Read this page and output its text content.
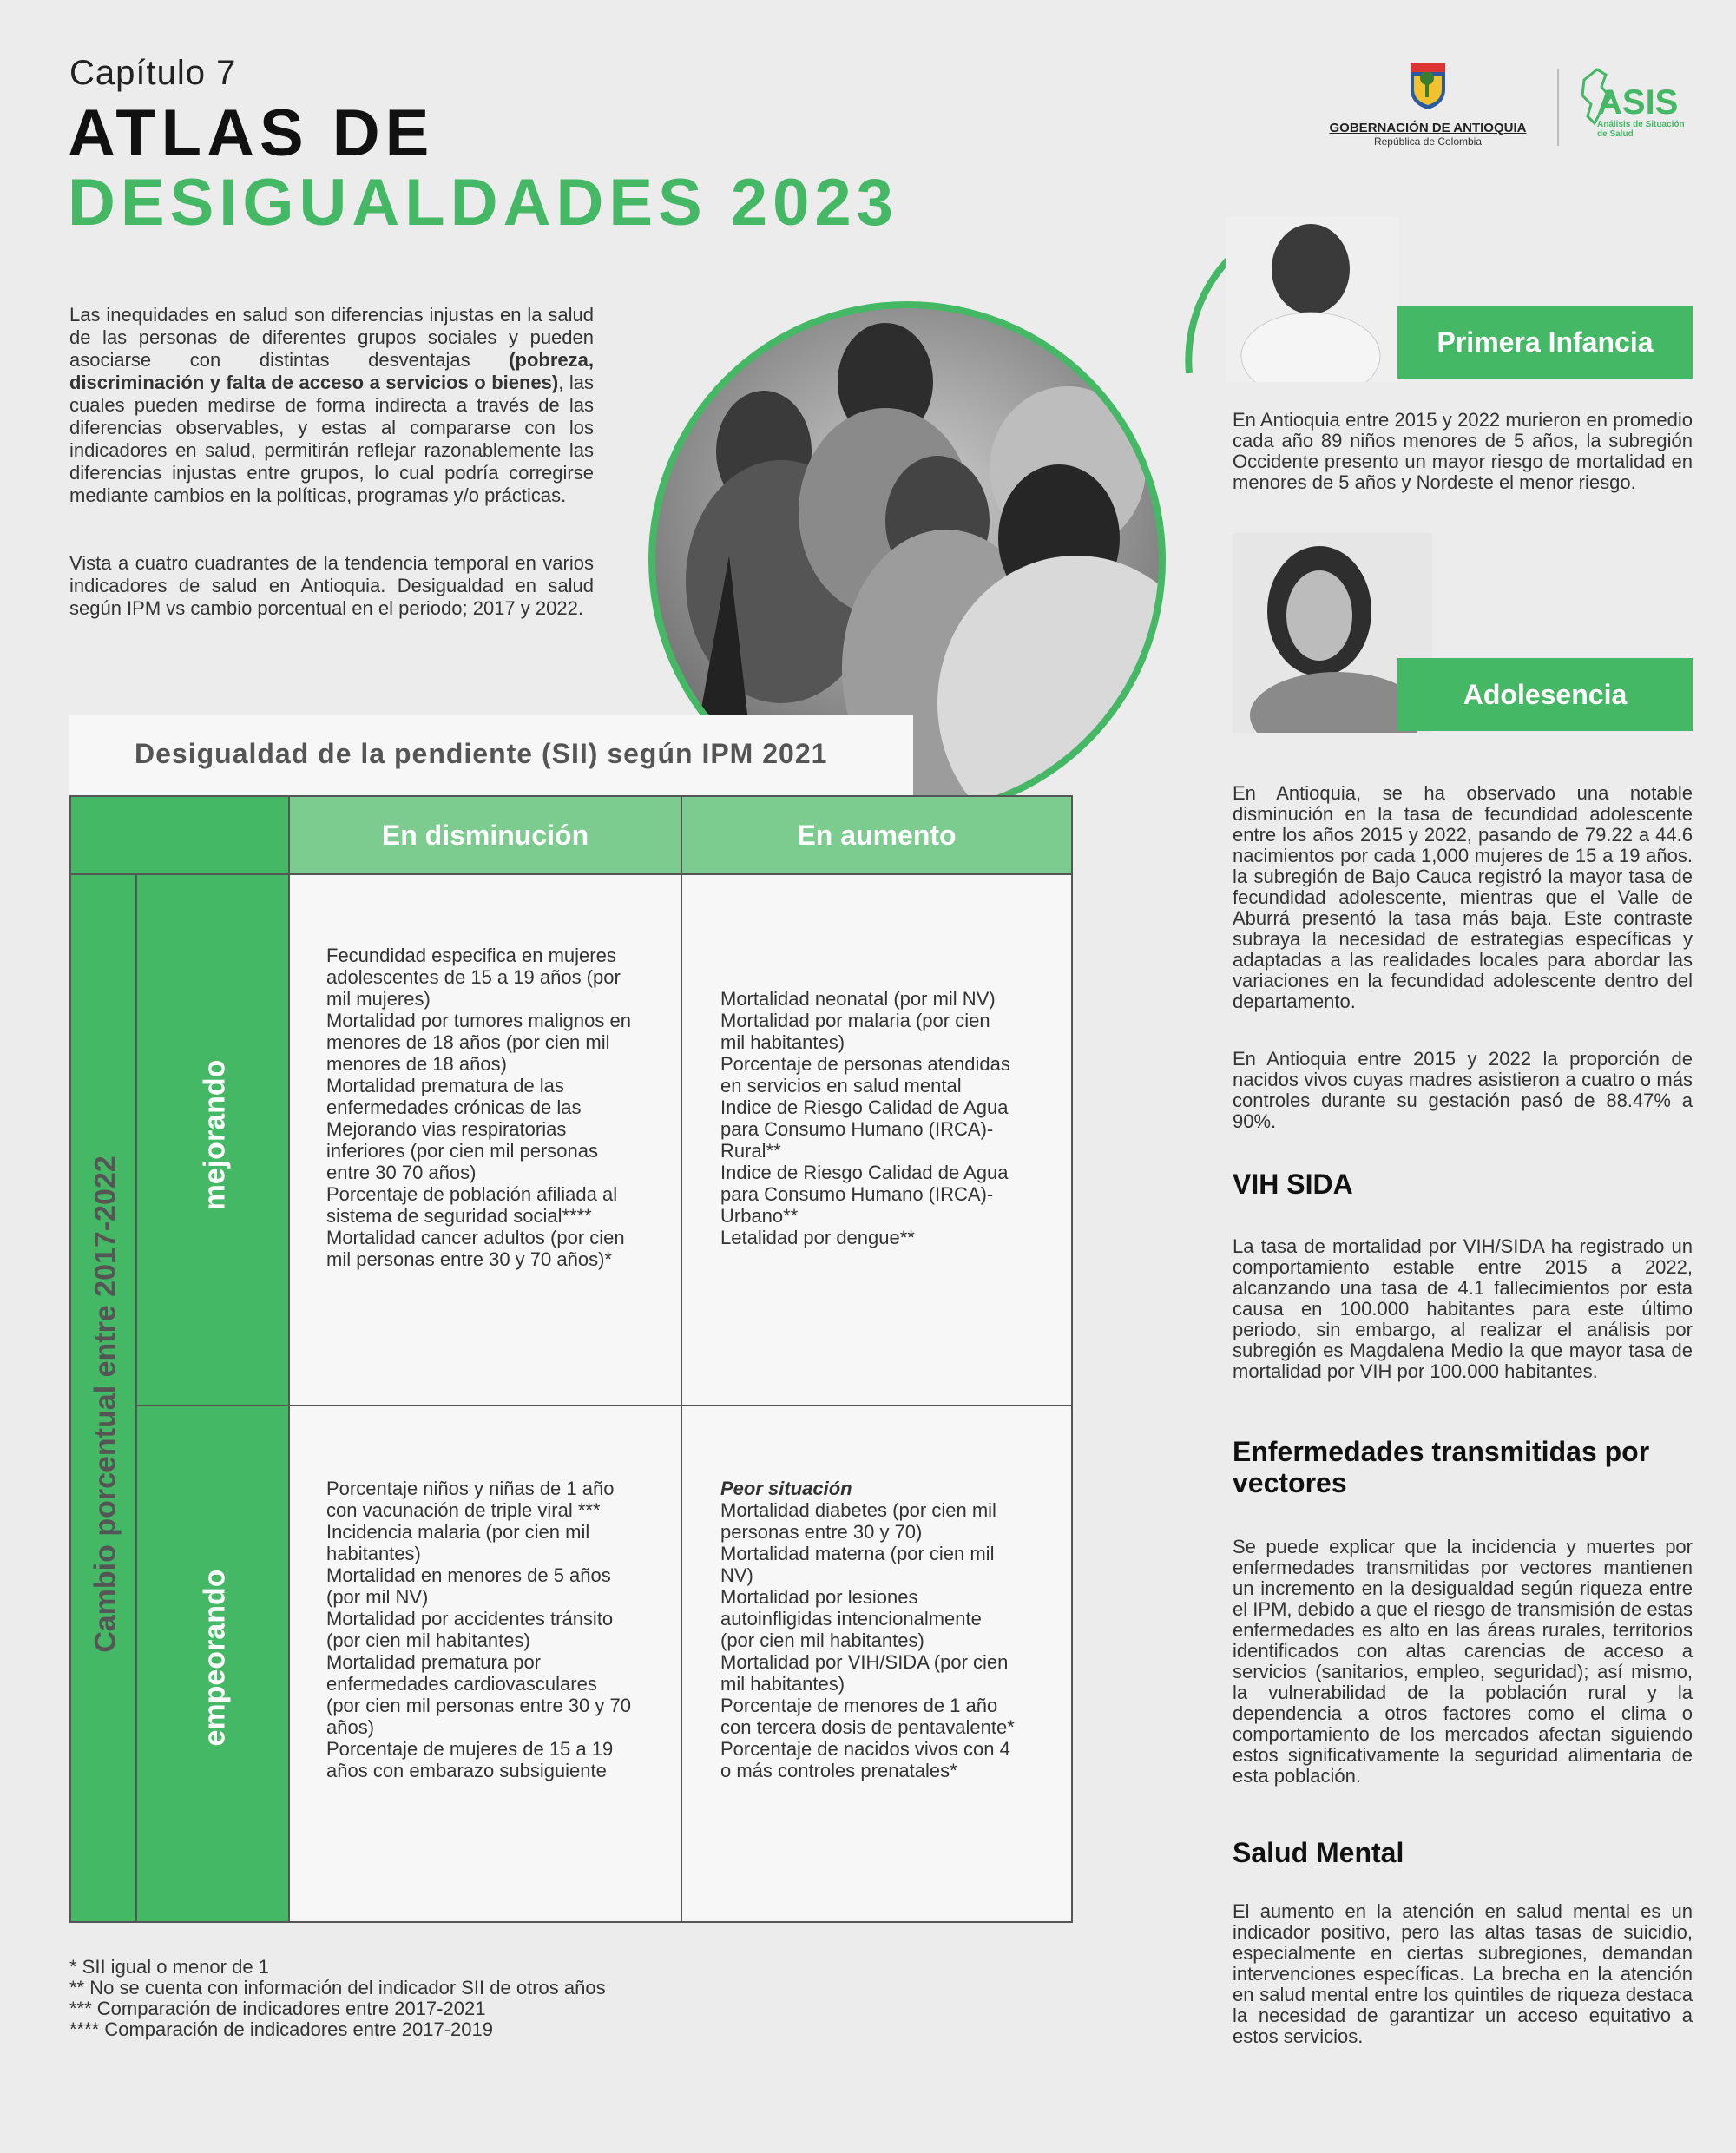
Capítulo 7
ATLAS DE
DESIGUALDADES 2023
GOBERNACIÓN DE ANTIOQUIA
República de Colombia
ASIS
Análisis de Situación de Salud
Las inequidades en salud son diferencias injustas en la salud de las personas de diferentes grupos sociales y pueden asociarse con distintas desventajas (pobreza, discriminación y falta de acceso a servicios o bienes), las cuales pueden medirse de forma indirecta a través de las diferencias observables, y estas al compararse con los indicadores en salud, permitirán reflejar razonablemente las diferencias injustas entre grupos, lo cual podría corregirse mediante cambios en la políticas, programas y/o prácticas.
Vista a cuatro cuadrantes de la tendencia temporal en varios indicadores de salud en Antioquia. Desigualdad en salud según IPM vs cambio porcentual en el periodo; 2017 y 2022.
Primera Infancia
En Antioquia entre 2015 y 2022 murieron en promedio cada año 89 niños menores de 5 años, la subregión Occidente presento un mayor riesgo de mortalidad en menores de 5 años y Nordeste el menor riesgo.
Adolesencia
En Antioquia, se ha observado una notable disminución en la tasa de fecundidad adolescente entre los años 2015 y 2022, pasando de 79.22 a 44.6 nacimientos por cada 1,000 mujeres de 15 a 19 años. la subregión de Bajo Cauca registró la mayor tasa de fecundidad adolescente, mientras que el Valle de Aburrá presentó la tasa más baja. Este contraste subraya la necesidad de estrategias específicas y adaptadas a las realidades locales para abordar las variaciones en la fecundidad adolescente dentro del departamento.
En Antioquia entre 2015 y 2022 la proporción de nacidos vivos cuyas madres asistieron a cuatro o más controles durante su gestación pasó de 88.47% a 90%.
VIH SIDA
La tasa de mortalidad por VIH/SIDA ha registrado un comportamiento estable entre 2015 a 2022, alcanzando una tasa de 4.1 fallecimientos por esta causa en 100.000 habitantes para este último periodo, sin embargo, al realizar el análisis por subregión es Magdalena Medio la que mayor tasa de mortalidad por VIH por 100.000 habitantes.
Enfermedades transmitidas por vectores
Se puede explicar que la incidencia y muertes por enfermedades transmitidas por vectores mantienen un incremento en la desigualdad según riqueza entre el IPM, debido a que el riesgo de transmisión de estas enfermedades es alto en las áreas rurales, territorios identificados con altas carencias de acceso a servicios (sanitarios, empleo, seguridad); así mismo, la vulnerabilidad de la población rural y la dependencia a otros factores como el clima o comportamiento de los mercados afectan siguiendo estos significativamente la seguridad alimentaria de esta población.
Salud Mental
El aumento en la atención en salud mental es un indicador positivo, pero las altas tasas de suicidio, especialmente en ciertas subregiones, demandan intervenciones específicas. La brecha en la atención en salud mental entre los quintiles de riqueza destaca la necesidad de garantizar un acceso equitativo a estos servicios.
Desigualdad de la pendiente (SII) según IPM 2021
En disminución	En aumento
Cambio porcentual entre 2017-2022
mejorando
empeorando
Fecundidad especifica en mujeres adolescentes de 15 a 19 años (por mil mujeres)
Mortalidad por tumores malignos en menores de 18 años (por cien mil menores de 18 años)
Mortalidad prematura de las enfermedades crónicas de las Mejorando vias respiratorias inferiores (por cien mil personas entre 30 70 años)
Porcentaje de población afiliada al sistema de seguridad social****
Mortalidad cancer adultos (por cien mil personas entre 30 y 70 años)*
Mortalidad neonatal (por mil NV)
Mortalidad por malaria (por cien mil habitantes)
Porcentaje de personas atendidas en servicios en salud mental
Indice de Riesgo Calidad de Agua para Consumo Humano (IRCA)- Rural**
Indice de Riesgo Calidad de Agua para Consumo Humano (IRCA)- Urbano**
Letalidad por dengue**
Porcentaje niños y niñas de 1 año con vacunación de triple viral ***
Incidencia malaria (por cien mil habitantes)
Mortalidad en menores de 5 años (por mil NV)
Mortalidad por accidentes tránsito
(por cien mil habitantes)
Mortalidad prematura por enfermedades cardiovasculares
(por cien mil personas entre 30 y 70 años)
Porcentaje de mujeres de 15 a 19 años con embarazo subsiguiente
Peor situación
Mortalidad diabetes (por cien mil personas entre 30 y 70)
Mortalidad materna (por cien mil NV)
Mortalidad por lesiones autoinfligidas intencionalmente (por cien mil habitantes)
Mortalidad por VIH/SIDA (por cien mil habitantes)
Porcentaje de menores de 1 año con tercera dosis de pentavalente*
Porcentaje de nacidos vivos con 4 o más controles prenatales*
* SII igual o menor de 1
** No se cuenta con información del indicador SII de otros años
*** Comparación de indicadores entre 2017-2021
**** Comparación de indicadores entre 2017-2019
